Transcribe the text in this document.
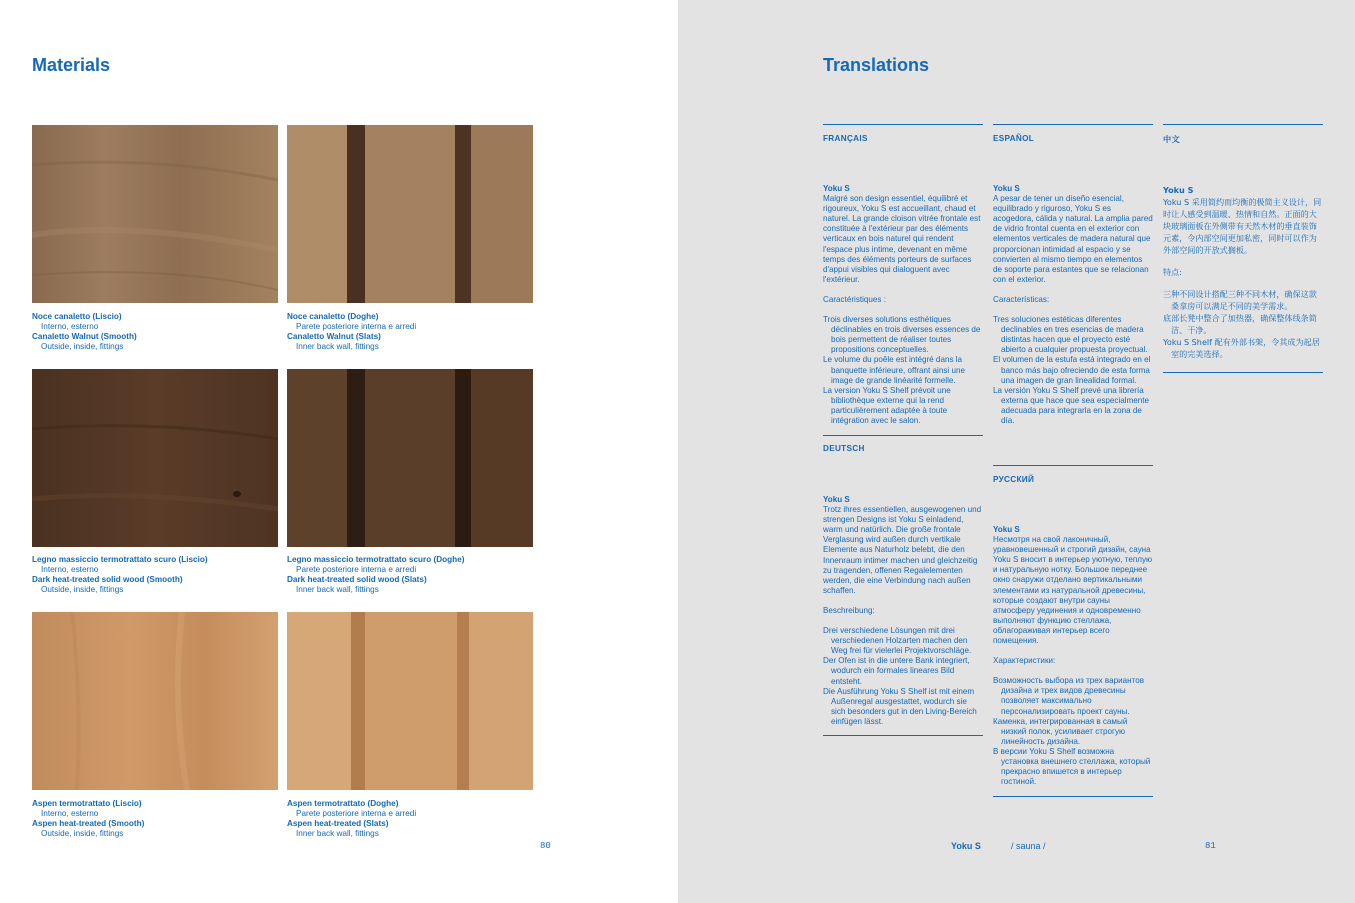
Materials
Noce canaletto (Liscio)
Interno, esterno
Canaletto Walnut (Smooth)
Outside, inside, fittings
Noce canaletto (Doghe)
Parete posteriore interna e arredi
Canaletto Walnut (Slats)
Inner back wall, fittings
Legno massiccio termotrattato scuro (Liscio)
Interno, esterno
Dark heat-treated solid wood (Smooth)
Outside, inside, fittings
Legno massiccio termotrattato scuro (Doghe)
Parete posteriore interna e arredi
Dark heat-treated solid wood (Slats)
Inner back wall, fittings
Aspen termotrattato (Liscio)
Interno, esterno
Aspen heat-treated (Smooth)
Outside, inside, fittings
Aspen termotrattato (Doghe)
Parete posteriore interna e arredi
Aspen heat-treated (Slats)
Inner back wall, fittings
80
Translations
FRANÇAIS	ESPAÑOL	中文

Yoku S

Malgré son design essentiel, équilibré et rigoureux, Yoku S est accueillant, chaud et naturel. La grande cloison vitrée frontale est constituée à l'extérieur par des éléments verticaux en bois naturel qui rendent l'espace plus intime, devenant en même temps des éléments porteurs de surfaces d'appui visibles qui dialoguent avec l'extérieur.

Caractéristiques :

Trois diverses solutions esthétiques déclinables en trois diverses essences de bois permettent de réaliser toutes propositions conceptuelles.
Le volume du poêle est intégré dans la banquette inférieure, offrant ainsi une image de grande linéarité formelle.
La version Yoku S Shelf prévoit une bibliothèque externe qui la rend particulièrement adaptée à toute intégration avec le salon.
DEUTSCH

Yoku S

Trotz ihres essentiellen, ausgewogenen und strengen Designs ist Yoku S einladend, warm und natürlich. Die große frontale Verglasung wird außen durch vertikale Elemente aus Naturholz belebt, die den Innenraum intimer machen und gleichzeitig zu tragenden, offenen Regalelementen werden, die eine Verbindung nach außen schaffen.

Beschreibung:

Drei verschiedene Lösungen mit drei verschiedenen Holzarten machen den Weg frei für vielerlei Projektvorschläge.
Der Ofen ist in die untere Bank integriert, wodurch ein formales lineares Bild entsteht.
Die Ausführung Yoku S Shelf ist mit einem Außenregal ausgestattet, wodurch sie sich besonders gut in den Living-Bereich einfügen lässt.

Yoku S

A pesar de tener un diseño esencial, equilibrado y riguroso, Yoku S es acogedora, cálida y natural. La amplia pared de vidrio frontal cuenta en el exterior con elementos verticales de madera natural que proporcionan intimidad al espacio y se convierten al mismo tiempo en elementos de soporte para estantes que se relacionan con el exterior.

Características:

Tres soluciones estéticas diferentes declinables en tres esencias de madera distintas hacen que el proyecto esté abierto a cualquier propuesta proyectual.
El volumen de la estufa está integrado en el banco más bajo ofreciendo de esta forma una imagen de gran linealidad formal.
La versión Yoku S Shelf prevé una librería externa que hace que sea especialmente adecuada para integrarla en la zona de día.
РУССКИЙ

Yoku S

Несмотря на свой лаконичный, уравновешенный и строгий дизайн, сауна Yoku S вносит в интерьер уютную, теплую и натуральную нотку. Большое переднее окно снаружи отделано вертикальными элементами из натуральной древесины, которые создают внутри сауны атмосферу уединения и одновременно выполняют функцию стеллажа, облагораживая интерьер всего помещения.

Характеристики:

Возможность выбора из трех вариантов дизайна и трех видов древесины позволяет максимально персонализировать проект сауны.
Каменка, интегрированная в самый низкий полок, усиливает строгую линейность дизайна.
В версии Yoku S Shelf возможна установка внешнего стеллажа, который прекрасно впишется в интерьер гостиной.

Yoku S

Yoku S 采用简约而均衡的极简主义设计，同时让人感受到温暖、热情和自然。正面的大块玻璃面板在外侧带有天然木材的垂直装饰元素，令内部空间更加私密，同时可以作为外部空间的开放式搁板。

特点:

三种不同设计搭配三种不同木材，确保这款桑拿房可以满足不同的美学需求。
底部长凳中整合了加热器，确保整体线条简洁、干净。
Yoku S Shelf 配有外部书架，令其成为起居室的完美选择。
Yoku S	/ sauna /	81
